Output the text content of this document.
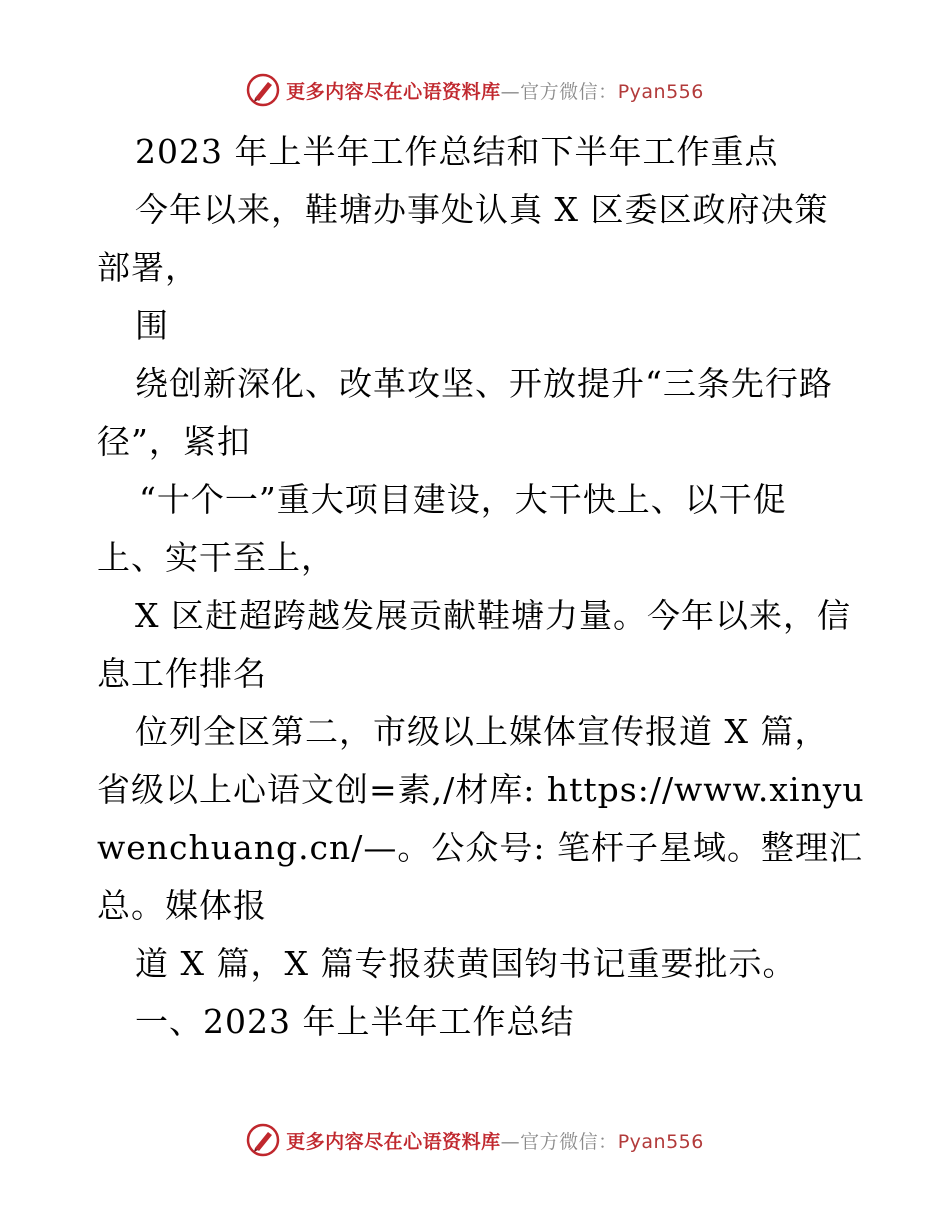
更多内容尽在心语资料库—官方微信：Pyan556
2023 年上半年工作总结和下半年工作重点
今年以来，鞋塘办事处认真 X 区委区政府决策
部署，
围
绕创新深化、改革攻坚、开放提升“三条先行路
径”，紧扣
“十个一”重大项目建设，大干快上、以干促
上、实干至上，
X 区赶超跨越发展贡献鞋塘力量。今年以来，信
息工作排名
位列全区第二，市级以上媒体宣传报道 X 篇，
省级以上心语文创=素,/材库: https://www.xinyu
wenchuang.cn/—。公众号: 笔杆子星域。整理汇
总。媒体报
道 X 篇，X 篇专报获黄国钧书记重要批示。
一、2023 年上半年工作总结
更多内容尽在心语资料库—官方微信：Pyan556
